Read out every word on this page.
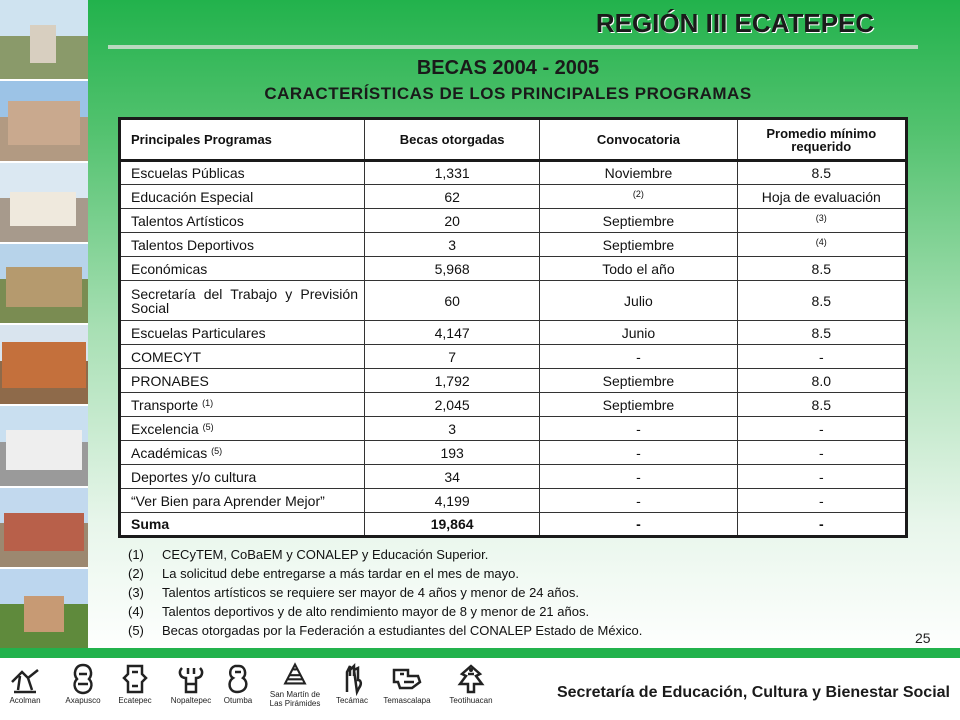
REGIÓN III ECATEPEC
BECAS 2004 - 2005
CARACTERÍSTICAS DE LOS PRINCIPALES PROGRAMAS
Principales Programas	Becas otorgadas	Convocatoria	Promedio mínimo requerido
Escuelas Públicas	1,331	Noviembre	8.5
Educación Especial	62	(2)	Hoja de evaluación
Talentos Artísticos	20	Septiembre	(3)
Talentos Deportivos	3	Septiembre	(4)
Económicas	5,968	Todo el año	8.5
Secretaría del Trabajo y Previsión Social	60	Julio	8.5
Escuelas Particulares	4,147	Junio	8.5
COMECYT	7	-	-
PRONABES	1,792	Septiembre	8.0
Transporte $^{(1)}$	2,045	Septiembre	8.5
Excelencia $^{(5)}$	3	-	-
Académicas $^{(5)}$	193	-	-
Deportes y/o cultura	34	-	-
“Ver Bien para Aprender Mejor”	4,199	-	-
Suma	19,864	-	-
(1)	CECyTEM, CoBaEM y CONALEP y Educación Superior.
(2)	La solicitud debe entregarse a más tardar en el mes de mayo.
(3)	Talentos artísticos se requiere ser mayor de 4 años y menor de 24 años.
(4)	Talentos deportivos y de alto rendimiento mayor de 8 y menor de 21 años.
(5)	Becas otorgadas por la Federación a estudiantes del CONALEP Estado de México.	25
Acolman	Axapusco	Ecatepec	Nopaltepec	Otumba
San Martín de
Las Pirámides	Tecámac	Temascalapa	Teotihuacan	Secretaría de Educación, Cultura y Bienestar Social
